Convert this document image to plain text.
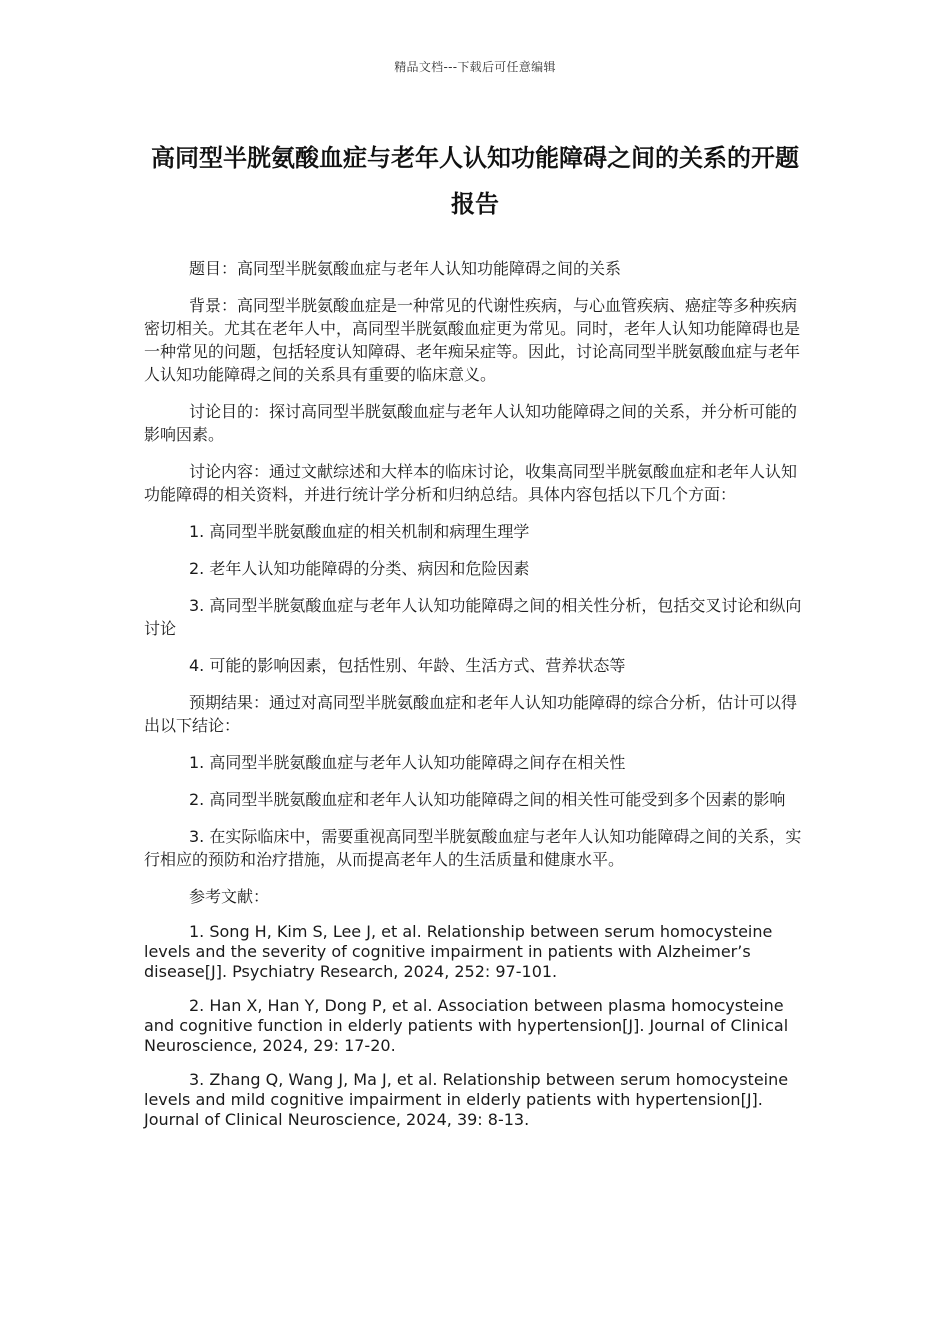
精品文档---下载后可任意编辑
高同型半胱氨酸血症与老年人认知功能障碍之间的关系的开题报告

题目：高同型半胱氨酸血症与老年人认知功能障碍之间的关系

背景：高同型半胱氨酸血症是一种常见的代谢性疾病，与心血管疾病、癌症等多种疾病密切相关。尤其在老年人中，高同型半胱氨酸血症更为常见。同时，老年人认知功能障碍也是一种常见的问题，包括轻度认知障碍、老年痴呆症等。因此，讨论高同型半胱氨酸血症与老年人认知功能障碍之间的关系具有重要的临床意义。

讨论目的：探讨高同型半胱氨酸血症与老年人认知功能障碍之间的关系，并分析可能的影响因素。

讨论内容：通过文献综述和大样本的临床讨论，收集高同型半胱氨酸血症和老年人认知功能障碍的相关资料，并进行统计学分析和归纳总结。具体内容包括以下几个方面：

1. 高同型半胱氨酸血症的相关机制和病理生理学

2. 老年人认知功能障碍的分类、病因和危险因素

3. 高同型半胱氨酸血症与老年人认知功能障碍之间的相关性分析，包括交叉讨论和纵向讨论

4. 可能的影响因素，包括性别、年龄、生活方式、营养状态等

预期结果：通过对高同型半胱氨酸血症和老年人认知功能障碍的综合分析，估计可以得出以下结论：

1. 高同型半胱氨酸血症与老年人认知功能障碍之间存在相关性

2. 高同型半胱氨酸血症和老年人认知功能障碍之间的相关性可能受到多个因素的影响

3. 在实际临床中，需要重视高同型半胱氨酸血症与老年人认知功能障碍之间的关系，实行相应的预防和治疗措施，从而提高老年人的生活质量和健康水平。

参考文献：

1. Song H, Kim S, Lee J, et al. Relationship between serum homocysteine levels and the severity of cognitive impairment in patients with Alzheimer’s disease[J]. Psychiatry Research, 2024, 252: 97-101.

2. Han X, Han Y, Dong P, et al. Association between plasma homocysteine and cognitive function in elderly patients with hypertension[J]. Journal of Clinical Neuroscience, 2024, 29: 17-20.

3. Zhang Q, Wang J, Ma J, et al. Relationship between serum homocysteine levels and mild cognitive impairment in elderly patients with hypertension[J]. Journal of Clinical Neuroscience, 2024, 39: 8-13.
